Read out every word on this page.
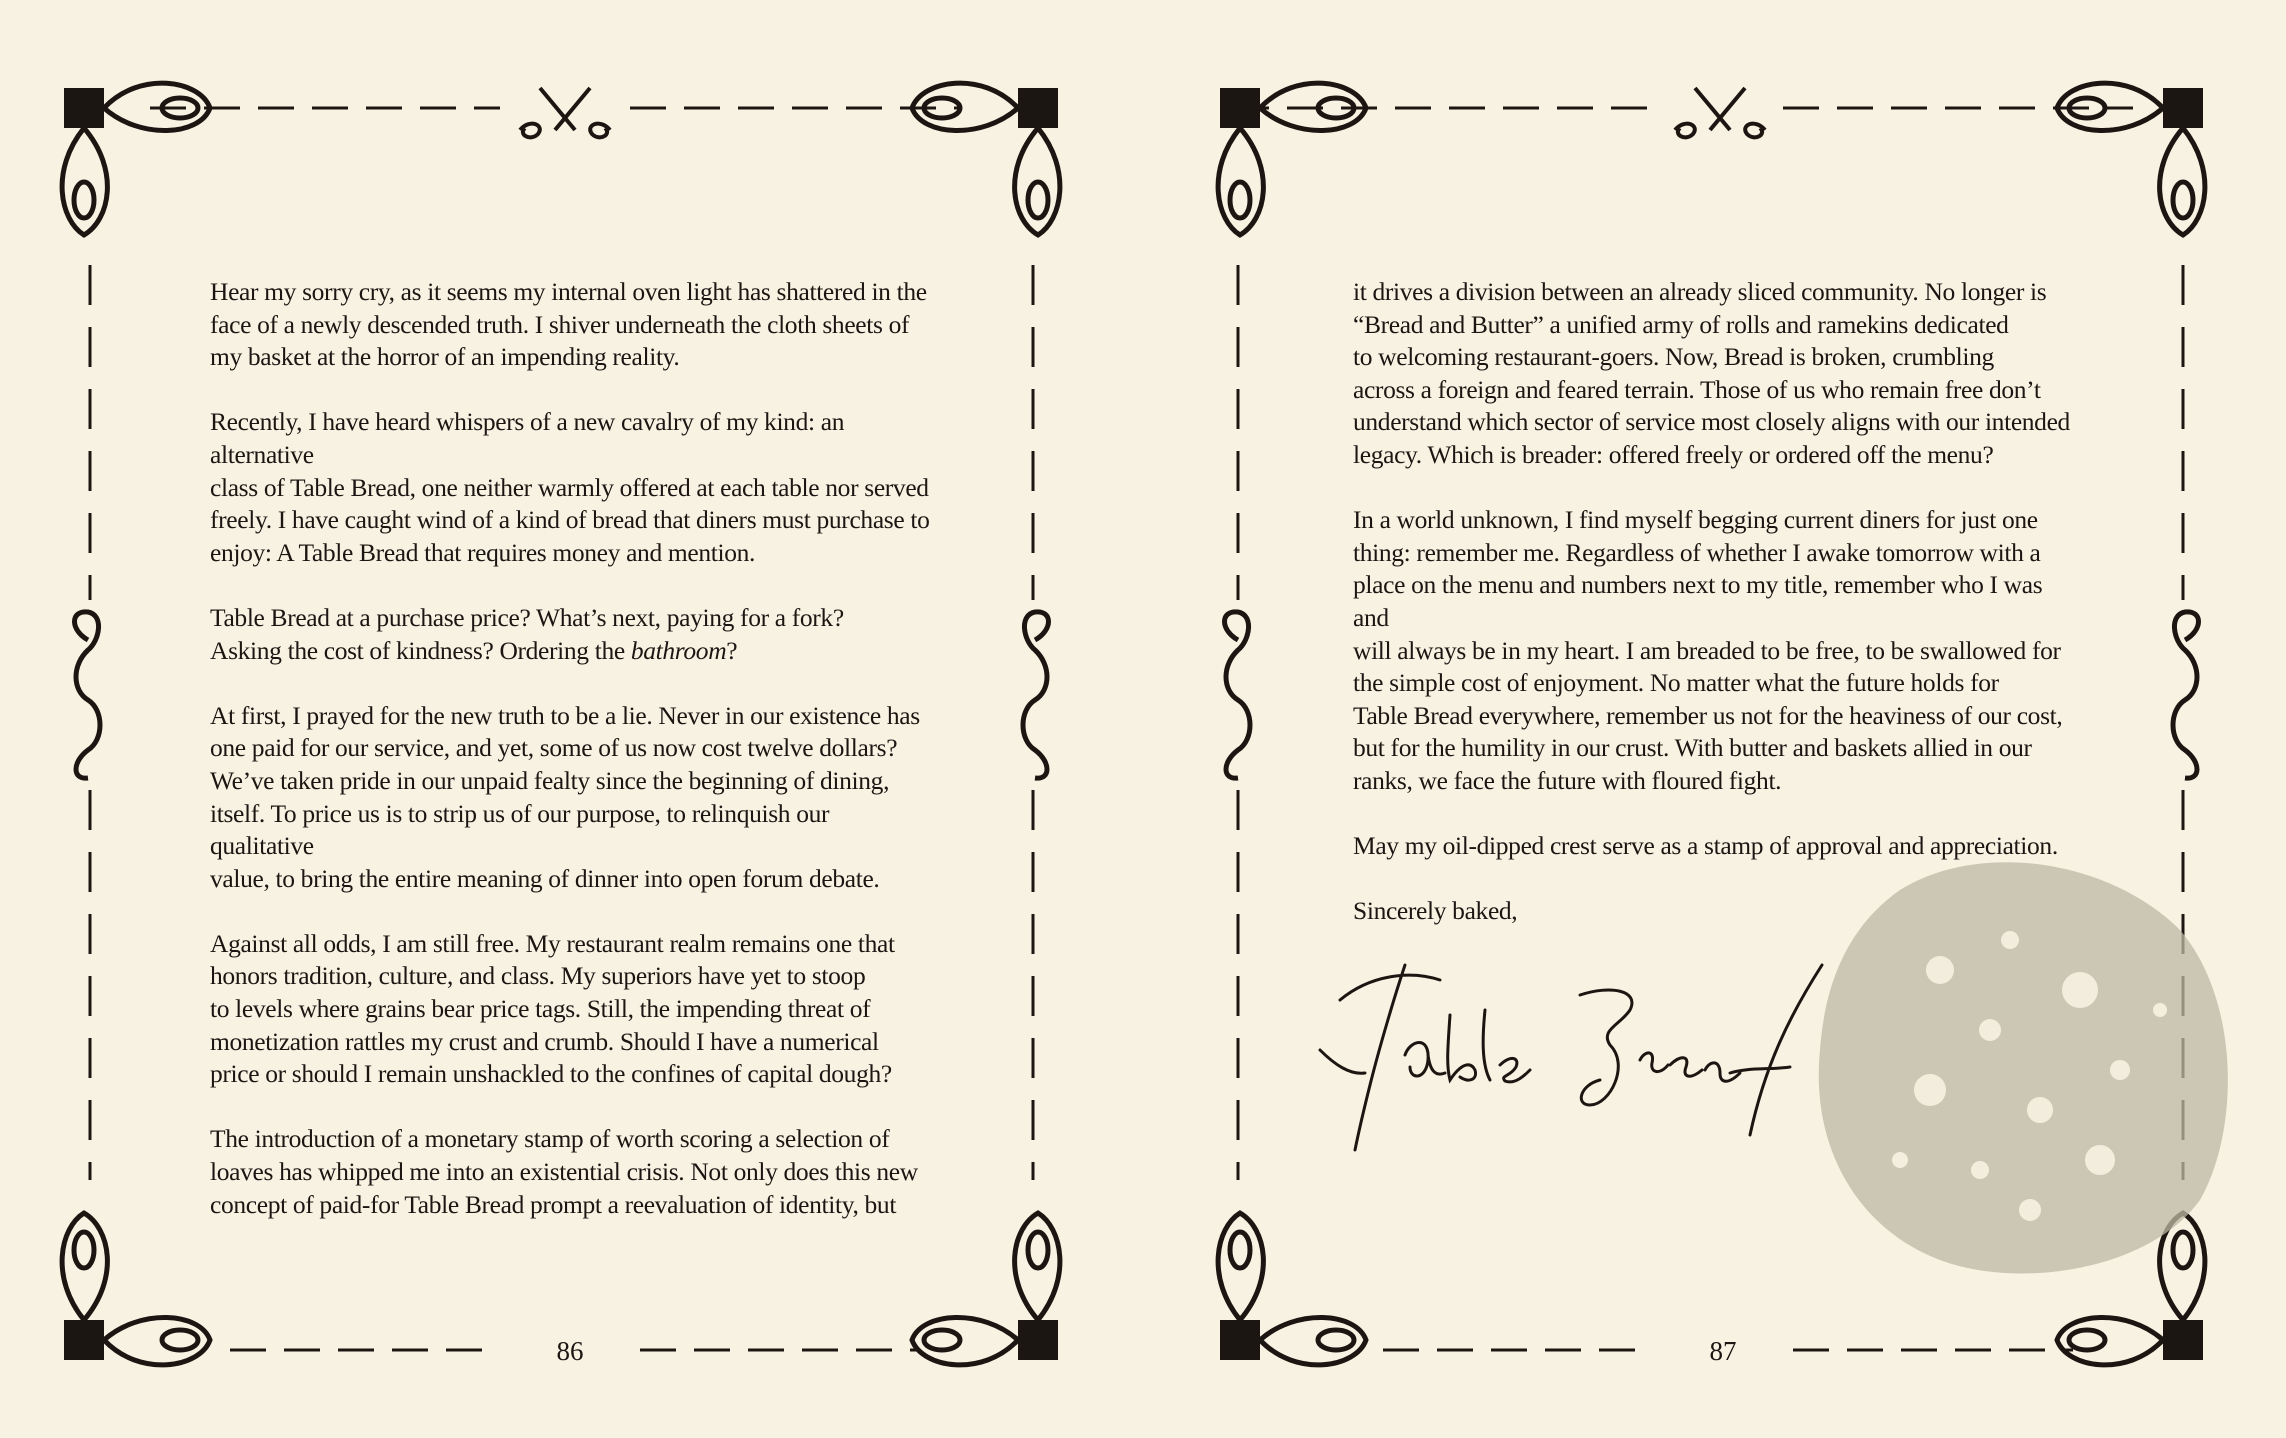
Hear my sorry cry, as it seems my internal oven light has shattered in the
face of a newly descended truth. I shiver underneath the cloth sheets of
my basket at the horror of an impending reality.

Recently, I have heard whispers of a new cavalry of my kind: an alternative
class of Table Bread, one neither warmly offered at each table nor served
freely. I have caught wind of a kind of bread that diners must purchase to
enjoy: A Table Bread that requires money and mention.

Table Bread at a purchase price? What’s next, paying for a fork?
Asking the cost of kindness? Ordering the bathroom?

At first, I prayed for the new truth to be a lie. Never in our existence has
one paid for our service, and yet, some of us now cost twelve dollars?
We’ve taken pride in our unpaid fealty since the beginning of dining,
itself. To price us is to strip us of our purpose, to relinquish our qualitative
value, to bring the entire meaning of dinner into open forum debate.

Against all odds, I am still free. My restaurant realm remains one that
honors tradition, culture, and class. My superiors have yet to stoop
to levels where grains bear price tags. Still, the impending threat of
monetization rattles my crust and crumb. Should I have a numerical
price or should I remain unshackled to the confines of capital dough?

The introduction of a monetary stamp of worth scoring a selection of
loaves has whipped me into an existential crisis. Not only does this new
concept of paid-for Table Bread prompt a reevaluation of identity, but

86

it drives a division between an already sliced community. No longer is
“Bread and Butter” a unified army of rolls and ramekins dedicated
to welcoming restaurant-goers. Now, Bread is broken, crumbling
across a foreign and feared terrain. Those of us who remain free don’t
understand which sector of service most closely aligns with our intended
legacy. Which is breader: offered freely or ordered off the menu?

In a world unknown, I find myself begging current diners for just one
thing: remember me. Regardless of whether I awake tomorrow with a
place on the menu and numbers next to my title, remember who I was and
will always be in my heart. I am breaded to be free, to be swallowed for
the simple cost of enjoyment. No matter what the future holds for
Table Bread everywhere, remember us not for the heaviness of our cost,
but for the humility in our crust. With butter and baskets allied in our
ranks, we face the future with floured fight.

May my oil-dipped crest serve as a stamp of approval and appreciation.

Sincerely baked,

87
